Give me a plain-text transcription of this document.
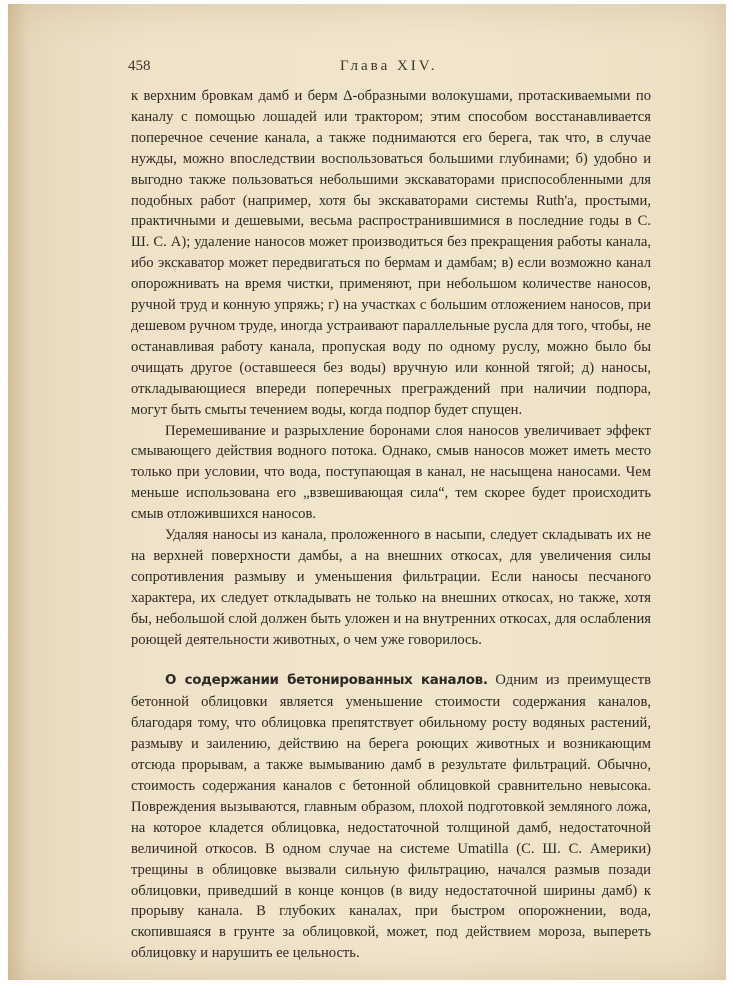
458	Глава XIV.

к верхним бровкам дамб и берм Δ-образными волокушами, протаскиваемыми по каналу с помощью лошадей или трактором; этим способом восстанавливается поперечное сечение канала, а также поднимаются его берега, так что, в случае нужды, можно впоследствии воспользоваться большими глубинами; б) удобно и выгодно также пользоваться небольшими экскаваторами приспособленными для подобных работ (например, хотя бы экскаваторами системы Ruth'а, простыми, практичными и дешевыми, весьма распространившимися в последние годы в С. Ш. С. А); удаление наносов может производиться без прекращения работы канала, ибо экскаватор может передвигаться по бермам и дамбам; в) если возможно канал опорожнивать на время чистки, применяют, при небольшом количестве наносов, ручной труд и конную упряжь; г) на участках с большим отложением наносов, при дешевом ручном труде, иногда устраивают параллельные русла для того, чтобы, не останавливая работу канала, пропуская воду по одному руслу, можно было бы очищать другое (оставшееся без воды) вручную или конной тягой; д) наносы, откладывающиеся впереди поперечных преграждений при наличии подпора, могут быть смыты течением воды, когда подпор будет спущен.

Перемешивание и разрыхление боронами слоя наносов увеличивает эффект смывающего действия водного потока. Однако, смыв наносов может иметь место только при условии, что вода, поступающая в канал, не насыщена наносами. Чем меньше использована его „взвешивающая сила“, тем скорее будет происходить смыв отложившихся наносов.

Удаляя наносы из канала, проложенного в насыпи, следует складывать их не на верхней поверхности дамбы, а на внешних откосах, для увеличения силы сопротивления размыву и уменьшения фильтрации. Если наносы песчаного характера, их следует откладывать не только на внешних откосах, но также, хотя бы, небольшой слой должен быть уложен и на внутренних откосах, для ослабления роющей деятельности животных, о чем уже говорилось.

О содержании бетонированных каналов. Одним из преимуществ бетонной облицовки является уменьшение стоимости содержания каналов, благодаря тому, что облицовка препятствует обильному росту водяных растений, размыву и заилению, действию на берега роющих животных и возникающим отсюда прорывам, а также вымыванию дамб в результате фильтраций. Обычно, стоимость содержания каналов с бетонной облицовкой сравнительно невысока. Повреждения вызываются, главным образом, плохой подготовкой земляного ложа, на которое кладется облицовка, недостаточной толщиной дамб, недостаточной величиной откосов. В одном случае на системе Umatilla (С. Ш. С. Америки) трещины в облицовке вызвали сильную фильтрацию, начался размыв позади облицовки, приведший в конце концов (в виду недостаточной ширины дамб) к прорыву канала. В глубоких каналах, при быстром опорожнении, вода, скопившаяся в грунте за облицовкой, может, под действием мороза, выпереть облицовку и нарушить ее цельность.
